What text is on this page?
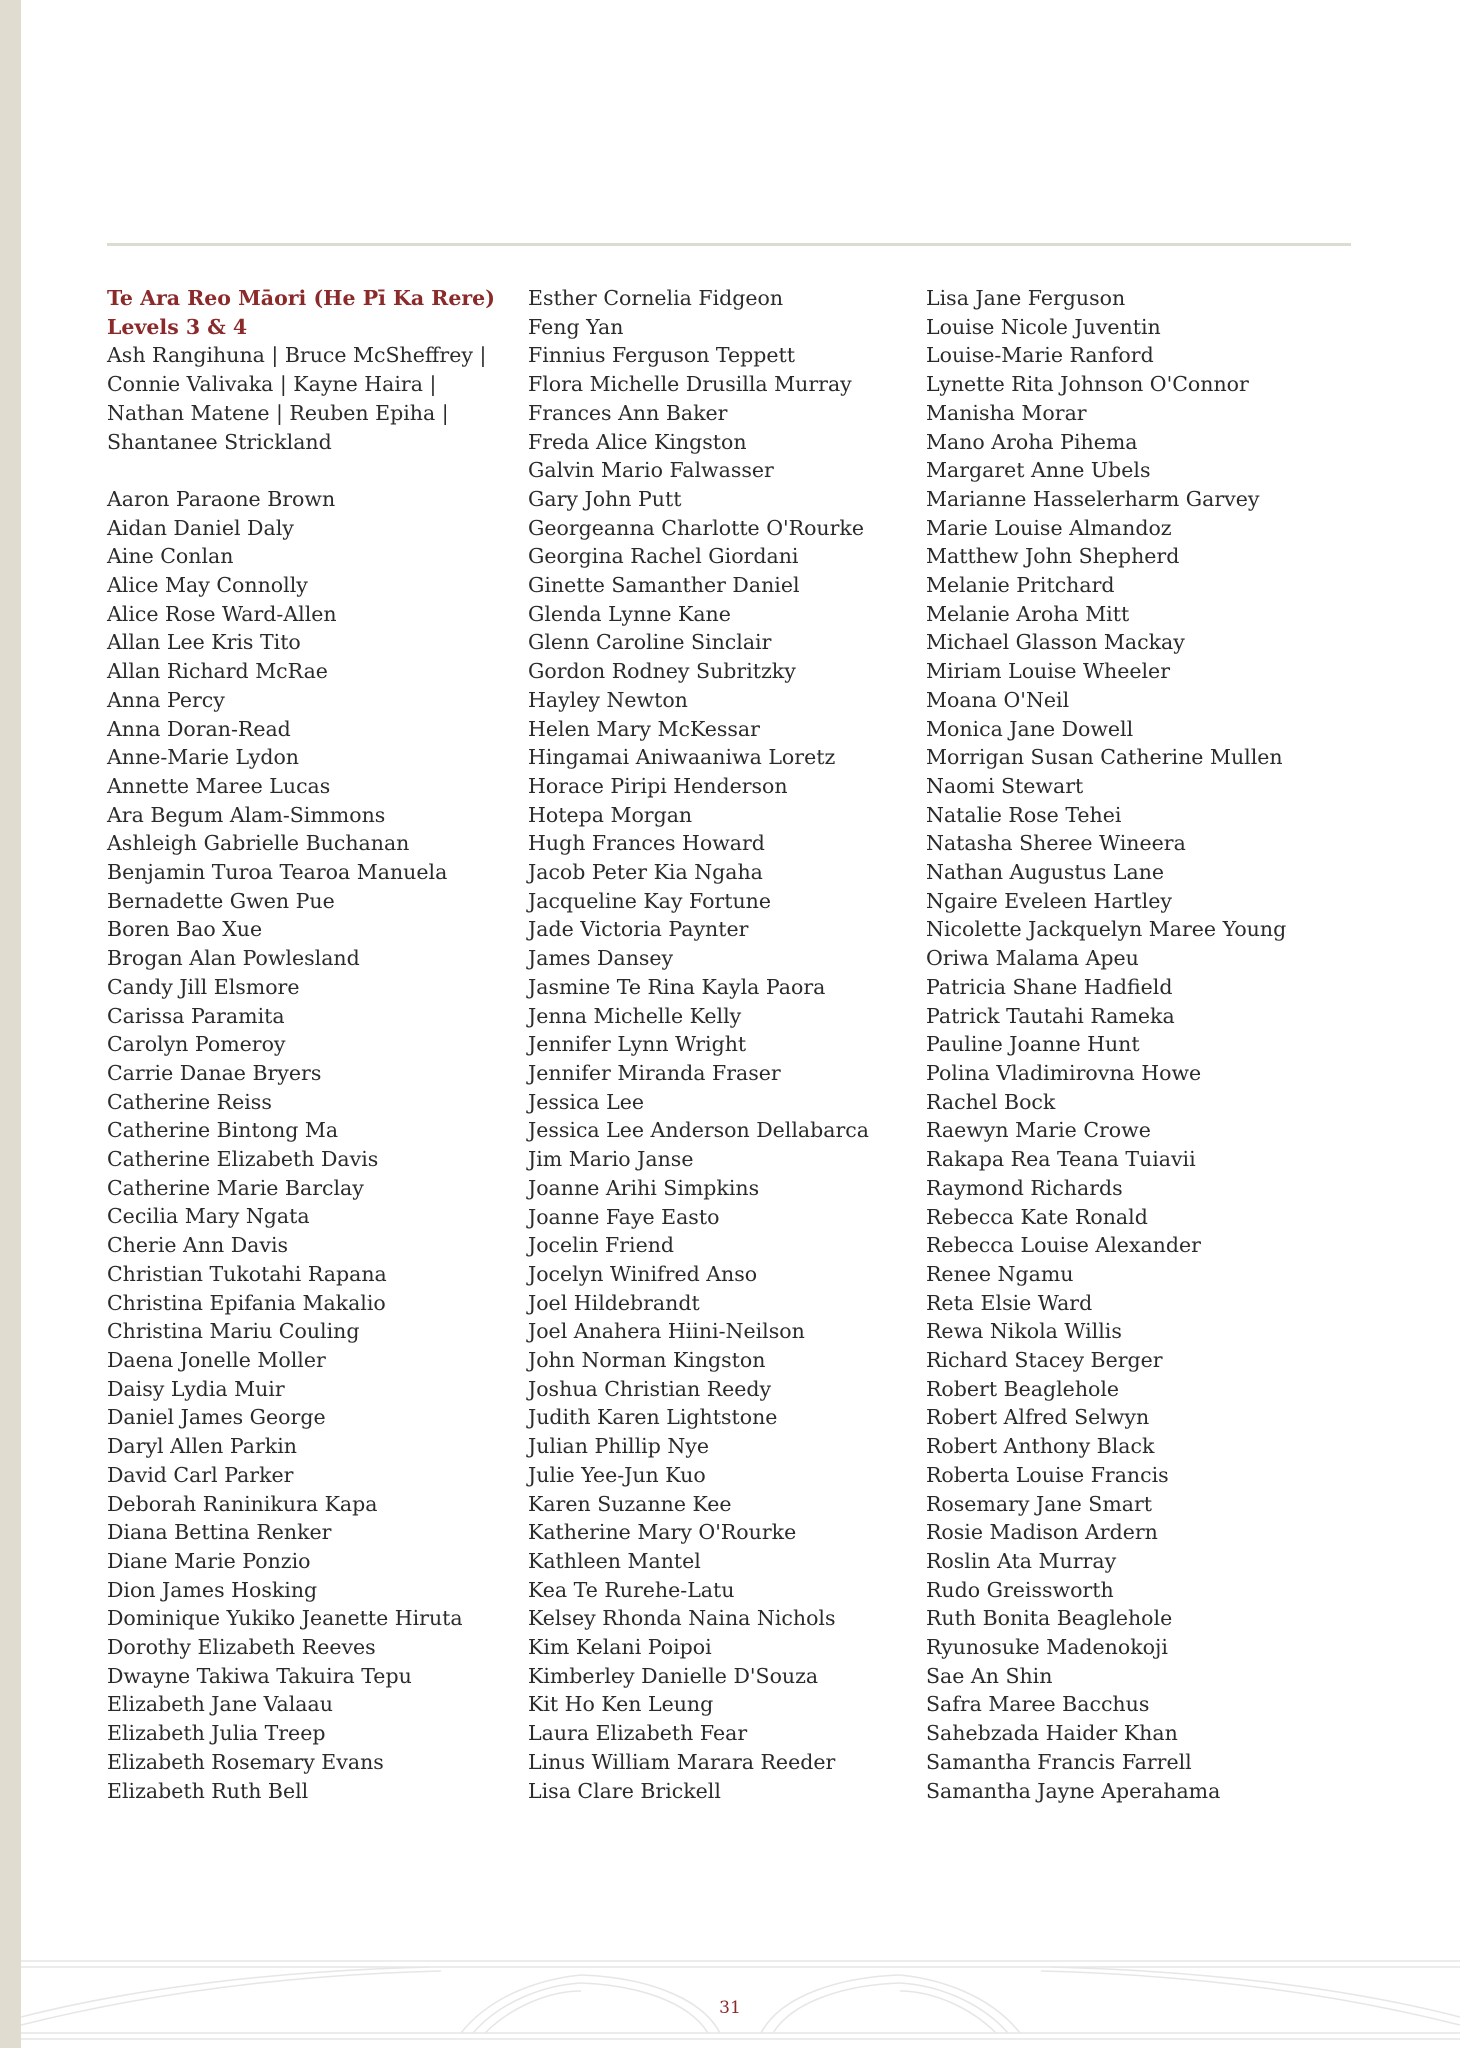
Te Ara Reo Māori (He Pī Ka Rere)

Levels 3 & 4

Ash Rangihuna | Bruce McSheffrey | Connie Valivaka | Kayne Haira | Nathan Matene | Reuben Epiha | Shantanee Strickland

Aaron Paraone Brown
Aidan Daniel Daly
Aine Conlan
Alice May Connolly
Alice Rose Ward-Allen
Allan Lee Kris Tito
Allan Richard McRae
Anna Percy
Anna Doran-Read
Anne-Marie Lydon
Annette Maree Lucas
Ara Begum Alam-Simmons
Ashleigh Gabrielle Buchanan
Benjamin Turoa Tearoa Manuela
Bernadette Gwen Pue
Boren Bao Xue
Brogan Alan Powlesland
Candy Jill Elsmore
Carissa Paramita
Carolyn Pomeroy
Carrie Danae Bryers
Catherine Reiss
Catherine Bintong Ma
Catherine Elizabeth Davis
Catherine Marie Barclay
Cecilia Mary Ngata
Cherie Ann Davis
Christian Tukotahi Rapana
Christina Epifania Makalio
Christina Mariu Couling
Daena Jonelle Moller
Daisy Lydia Muir
Daniel James George
Daryl Allen Parkin
David Carl Parker
Deborah Raninikura Kapa
Diana Bettina Renker
Diane Marie Ponzio
Dion James Hosking
Dominique Yukiko Jeanette Hiruta
Dorothy Elizabeth Reeves
Dwayne Takiwa Takuira Tepu
Elizabeth Jane Valaau
Elizabeth Julia Treep
Elizabeth Rosemary Evans
Elizabeth Ruth Bell
Esther Cornelia Fidgeon
Feng Yan
Finnius Ferguson Teppett
Flora Michelle Drusilla Murray
Frances Ann Baker
Freda Alice Kingston
Galvin Mario Falwasser
Gary John Putt
Georgeanna Charlotte O'Rourke
Georgina Rachel Giordani
Ginette Samanther Daniel
Glenda Lynne Kane
Glenn Caroline Sinclair
Gordon Rodney Subritzky
Hayley Newton
Helen Mary McKessar
Hingamai Aniwaaniwa Loretz
Horace Piripi Henderson
Hotepa Morgan
Hugh Frances Howard
Jacob Peter Kia Ngaha
Jacqueline Kay Fortune
Jade Victoria Paynter
James Dansey
Jasmine Te Rina Kayla Paora
Jenna Michelle Kelly
Jennifer Lynn Wright
Jennifer Miranda Fraser
Jessica Lee
Jessica Lee Anderson Dellabarca
Jim Mario Janse
Joanne Arihi Simpkins
Joanne Faye Easto
Jocelin Friend
Jocelyn Winifred Anso
Joel Hildebrandt
Joel Anahera Hiini-Neilson
John Norman Kingston
Joshua Christian Reedy
Judith Karen Lightstone
Julian Phillip Nye
Julie Yee-Jun Kuo
Karen Suzanne Kee
Katherine Mary O'Rourke
Kathleen Mantel
Kea Te Rurehe-Latu
Kelsey Rhonda Naina Nichols
Kim Kelani Poipoi
Kimberley Danielle D'Souza
Kit Ho Ken Leung
Laura Elizabeth Fear
Linus William Marara Reeder
Lisa Clare Brickell
Lisa Jane Ferguson
Louise Nicole Juventin
Louise-Marie Ranford
Lynette Rita Johnson O'Connor
Manisha Morar
Mano Aroha Pihema
Margaret Anne Ubels
Marianne Hasselerharm Garvey
Marie Louise Almandoz
Matthew John Shepherd
Melanie Pritchard
Melanie Aroha Mitt
Michael Glasson Mackay
Miriam Louise Wheeler
Moana O'Neil
Monica Jane Dowell
Morrigan Susan Catherine Mullen
Naomi Stewart
Natalie Rose Tehei
Natasha Sheree Wineera
Nathan Augustus Lane
Ngaire Eveleen Hartley
Nicolette Jackquelyn Maree Young
Oriwa Malama Apeu
Patricia Shane Hadfield
Patrick Tautahi Rameka
Pauline Joanne Hunt
Polina Vladimirovna Howe
Rachel Bock
Raewyn Marie Crowe
Rakapa Rea Teana Tuiavii
Raymond Richards
Rebecca Kate Ronald
Rebecca Louise Alexander
Renee Ngamu
Reta Elsie Ward
Rewa Nikola Willis
Richard Stacey Berger
Robert Beaglehole
Robert Alfred Selwyn
Robert Anthony Black
Roberta Louise Francis
Rosemary Jane Smart
Rosie Madison Ardern
Roslin Ata Murray
Rudo Greissworth
Ruth Bonita Beaglehole
Ryunosuke Madenokoji
Sae An Shin
Safra Maree Bacchus
Sahebzada Haider Khan
Samantha Francis Farrell
Samantha Jayne Aperahama
31
